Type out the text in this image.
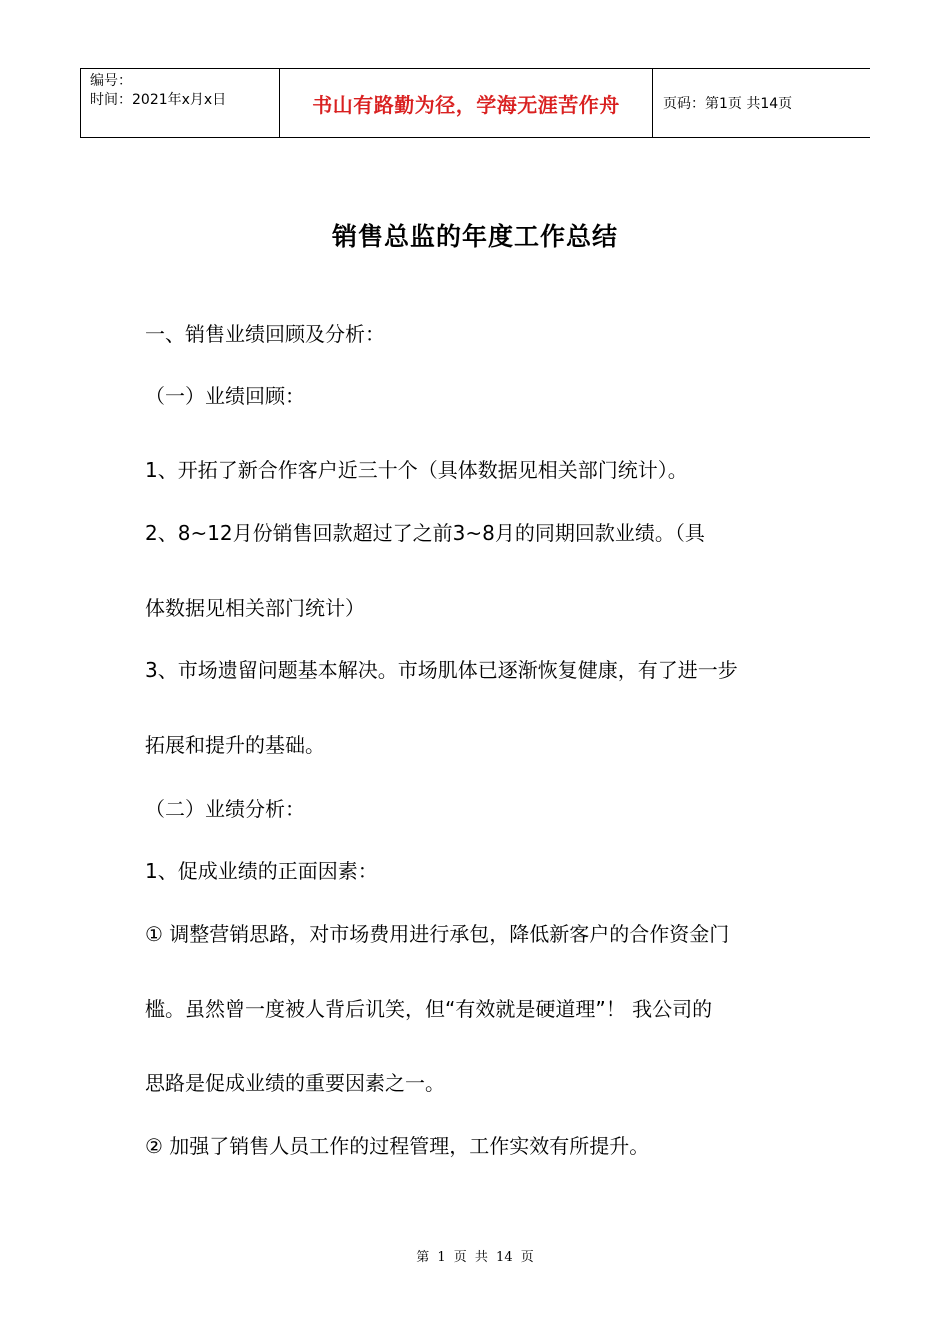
编号：
时间：2021年x月x日	书山有路勤为径，学海无涯苦作舟	页码：第1页 共14页
销售总监的年度工作总结
一、销售业绩回顾及分析：
（一）业绩回顾：
1、开拓了新合作客户近三十个（具体数据见相关部门统计）。
2、8~12月份销售回款超过了之前3~8月的同期回款业绩。（具
体数据见相关部门统计）
3、市场遗留问题基本解决。市场肌体已逐渐恢复健康，有了进一步
拓展和提升的基础。
（二）业绩分析：
1、促成业绩的正面因素：
① 调整营销思路，对市场费用进行承包，降低新客户的合作资金门
槛。虽然曾一度被人背后讥笑，但“有效就是硬道理”！ 我公司的
思路是促成业绩的重要因素之一。
② 加强了销售人员工作的过程管理，工作实效有所提升。
第 1 页 共 14 页
